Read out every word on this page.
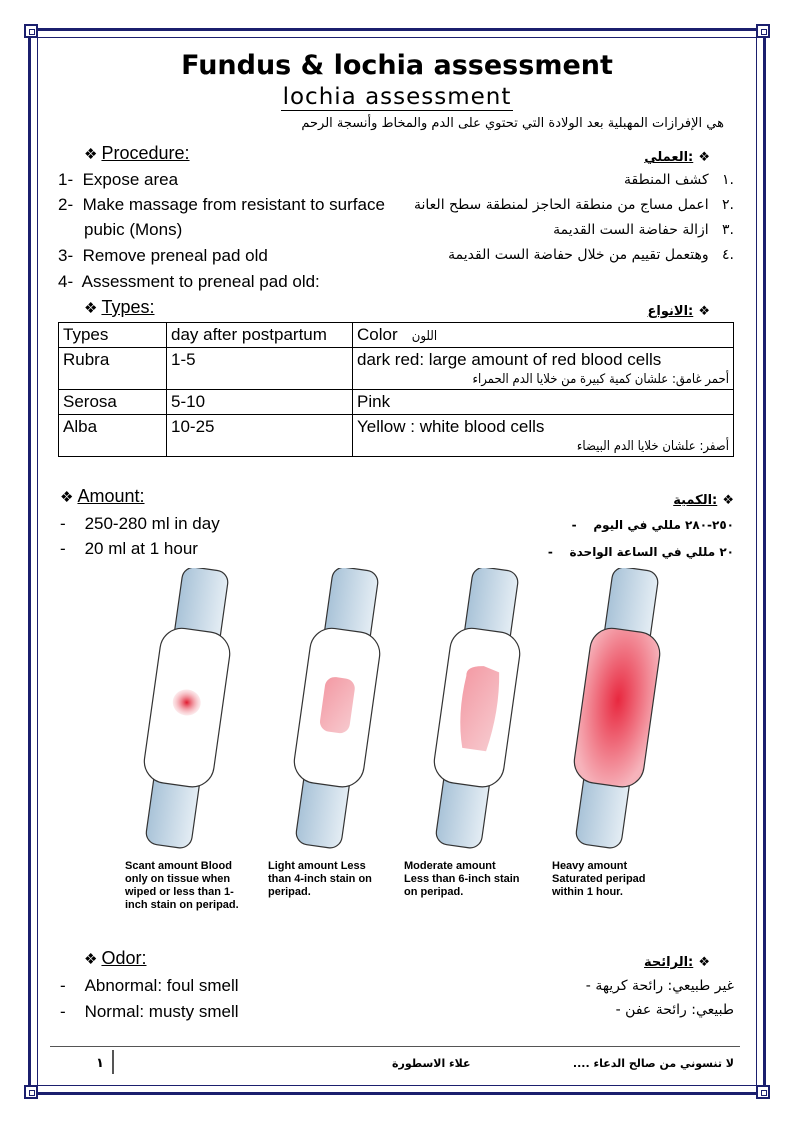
Fundus & lochia assessment
lochia assessment
هي الإفرازات المهبلية بعد الولادة التي تحتوي على الدم والمخاط وأنسجة الرحم
❖ Procedure:	العملي: ❖
1- Expose area
2- Make massage from resistant to surface
pubic (Mons)
3- Remove preneal pad old
4- Assessment to preneal pad old:
.١   كشف المنطقة
.٢   اعمل مساج من منطقة الحاجز لمنطقة سطح العانة
.٣   ازالة حفاضة الست القديمة
.٤   وهتعمل تقييم من خلال حفاضة الست القديمة
❖ Types:	الانواع: ❖
Types	day after postpartum	Color اللون
Rubra	1-5	dark red: large amount of red blood cells
أحمر غامق: علشان كمية كبيرة من خلايا الدم الحمراء

Serosa	5-10	Pink
Alba	10-25	Yellow : white blood cells
أصفر: علشان خلايا الدم البيضاء
❖ Amount:	الكمية: ❖
-    250-280 ml in day
-    20 ml at 1 hour
٢٥٠-٢٨٠ مللي في اليوم    -
٢٠ مللي في الساعة الواحدة    -
Scant amount Blood only on tissue when wiped or less than 1-inch stain on peripad.
Light amount Less than 4-inch stain on peripad.
Moderate amount Less than 6-inch stain on peripad.
Heavy amount Saturated peripad within 1 hour.
❖ Odor:	الرائحة: ❖
-    Abnormal: foul smell
-    Normal: musty smell
غير طبيعي: رائحة كريهة -
طبيعي: رائحة عفن -
١	علاء الاسطورة	لا تنسوني من صالح الدعاء ....
